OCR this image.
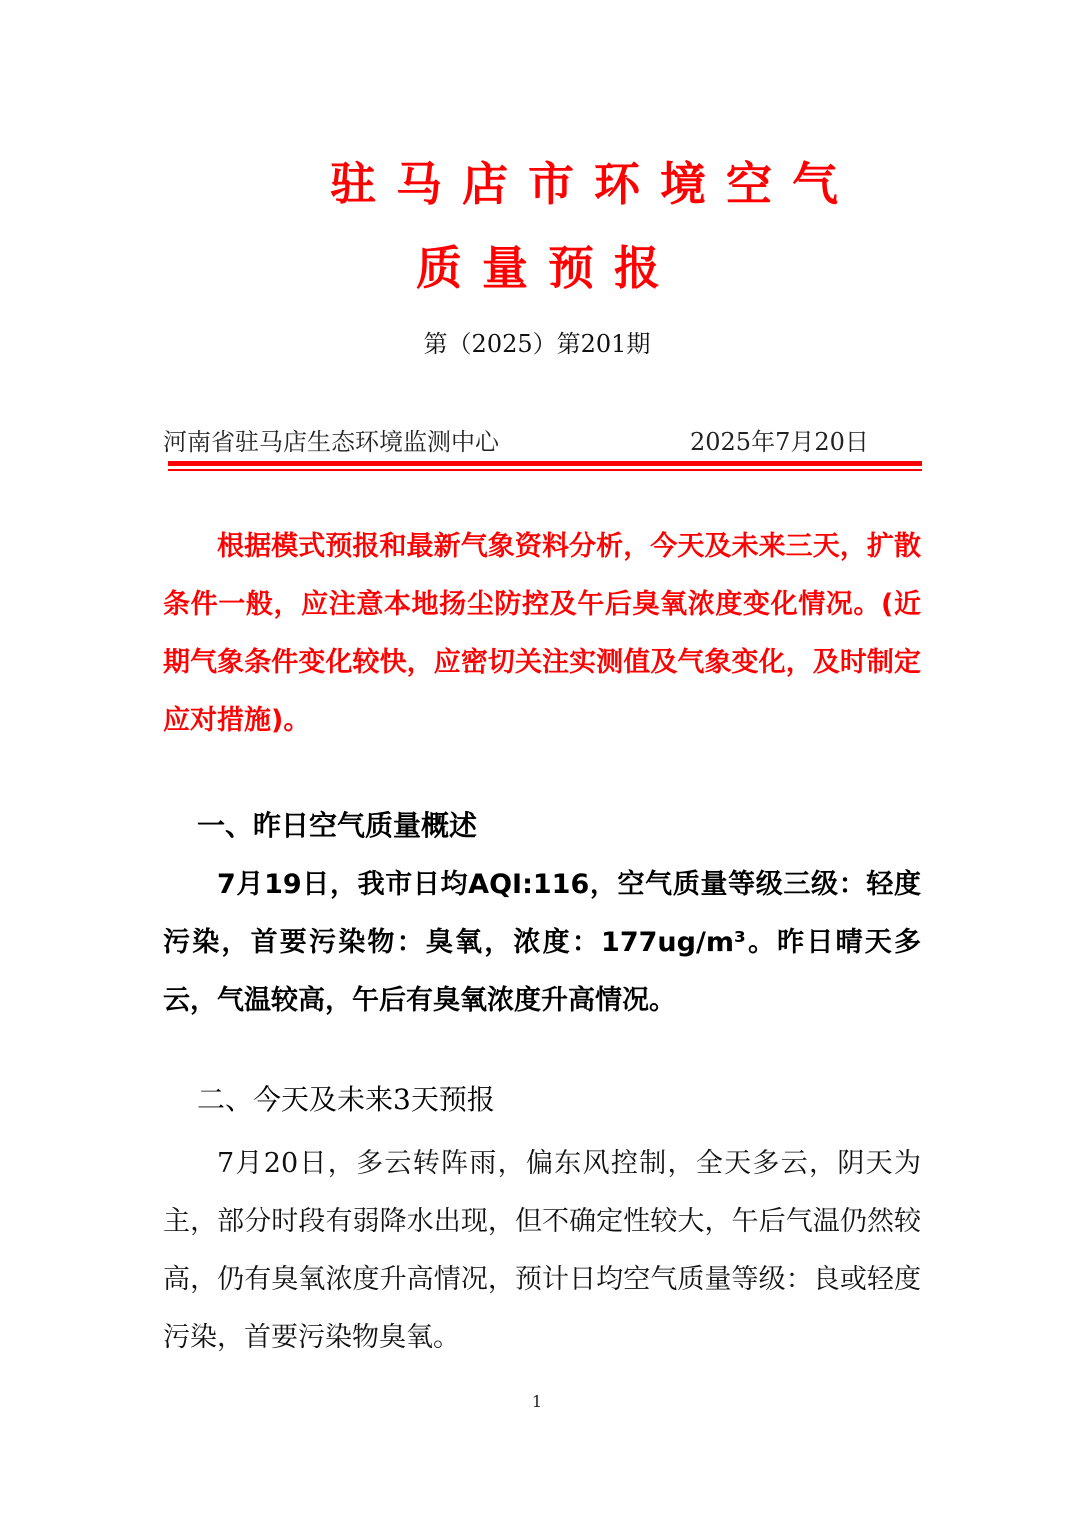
驻马店市环境空气
质量预报
第（2025）第201期
河南省驻马店生态环境监测中心	2025年7月20日

根据模式预报和最新气象资料分析，今天及未来三天，扩散条件一般，应注意本地扬尘防控及午后臭氧浓度变化情况。(近期气象条件变化较快，应密切关注实测值及气象变化，及时制定应对措施)。

一、昨日空气质量概述

7月19日，我市日均AQI:116，空气质量等级三级：轻度污染，首要污染物：臭氧，浓度：177ug/m³。昨日晴天多云，气温较高，午后有臭氧浓度升高情况。

二、今天及未来3天预报

7月20日，多云转阵雨，偏东风控制，全天多云，阴天为主，部分时段有弱降水出现，但不确定性较大，午后气温仍然较高，仍有臭氧浓度升高情况，预计日均空气质量等级：良或轻度污染，首要污染物臭氧。

1
